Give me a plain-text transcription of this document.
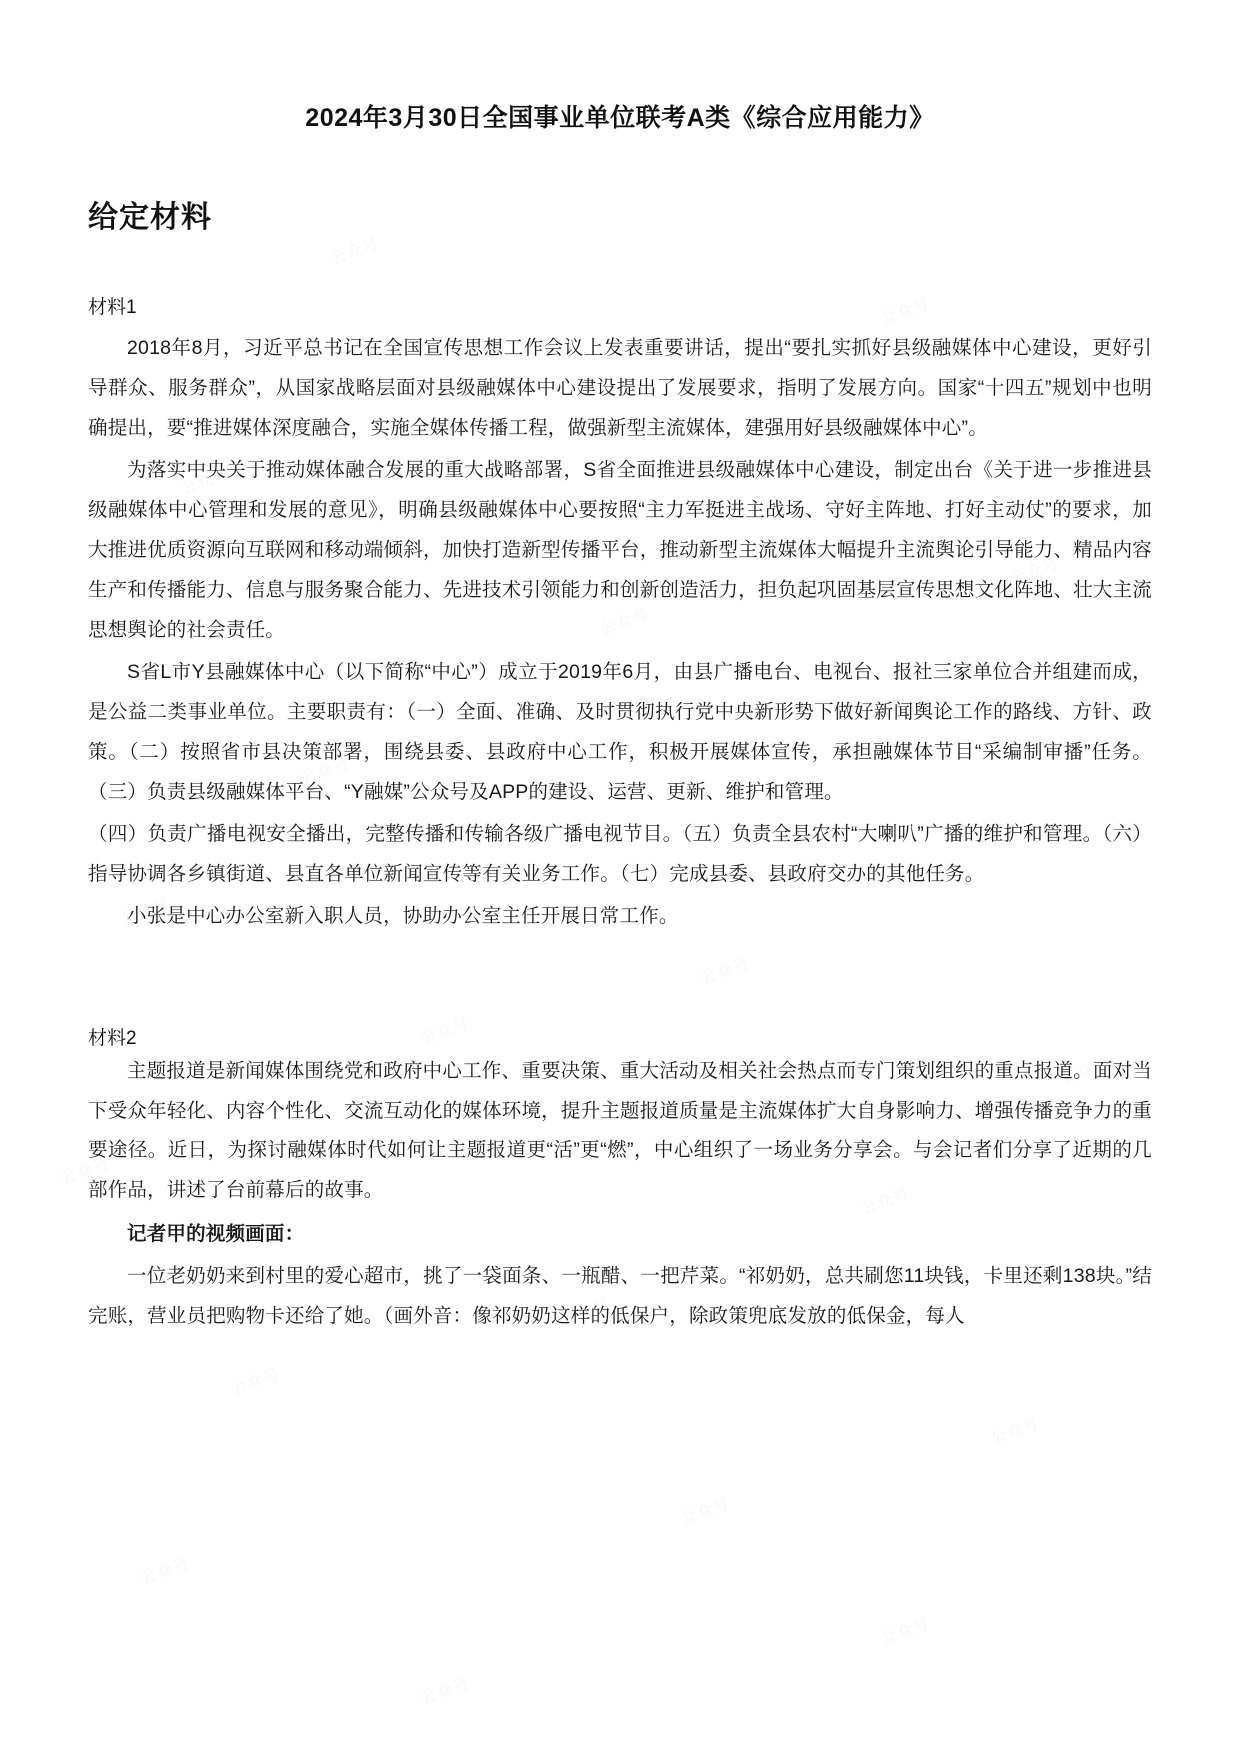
2024年3月30日全国事业单位联考A类《综合应用能力》
给定材料
材料1

2018年8月，习近平总书记在全国宣传思想工作会议上发表重要讲话，提出“要扎实抓好县级融媒体中心建设，更好引导群众、服务群众”，从国家战略层面对县级融媒体中心建设提出了发展要求，指明了发展方向。国家“十四五”规划中也明确提出，要“推进媒体深度融合，实施全媒体传播工程，做强新型主流媒体，建强用好县级融媒体中心”。

为落实中央关于推动媒体融合发展的重大战略部署，S省全面推进县级融媒体中心建设，制定出台《关于进一步推进县级融媒体中心管理和发展的意见》，明确县级融媒体中心要按照“主力军挺进主战场、守好主阵地、打好主动仗”的要求，加大推进优质资源向互联网和移动端倾斜，加快打造新型传播平台，推动新型主流媒体大幅提升主流舆论引导能力、精品内容生产和传播能力、信息与服务聚合能力、先进技术引领能力和创新创造活力，担负起巩固基层宣传思想文化阵地、壮大主流思想舆论的社会责任。

S省L市Y县融媒体中心（以下简称“中心”）成立于2019年6月，由县广播电台、电视台、报社三家单位合并组建而成，是公益二类事业单位。主要职责有：（一）全面、准确、及时贯彻执行党中央新形势下做好新闻舆论工作的路线、方针、政策。（二）按照省市县决策部署，围绕县委、县政府中心工作，积极开展媒体宣传，承担融媒体节目“采编制审播”任务。（三）负责县级融媒体平台、“Y融媒”公众号及APP的建设、运营、更新、维护和管理。

（四）负责广播电视安全播出，完整传播和传输各级广播电视节目。（五）负责全县农村“大喇叭”广播的维护和管理。（六）指导协调各乡镇街道、县直各单位新闻宣传等有关业务工作。（七）完成县委、县政府交办的其他任务。

小张是中心办公室新入职人员，协助办公室主任开展日常工作。

材料2

主题报道是新闻媒体围绕党和政府中心工作、重要决策、重大活动及相关社会热点而专门策划组织的重点报道。面对当下受众年轻化、内容个性化、交流互动化的媒体环境，提升主题报道质量是主流媒体扩大自身影响力、增强传播竞争力的重要途径。近日，为探讨融媒体时代如何让主题报道更“活”更“燃”，中心组织了一场业务分享会。与会记者们分享了近期的几部作品，讲述了台前幕后的故事。

记者甲的视频画面：

一位老奶奶来到村里的爱心超市，挑了一袋面条、一瓶醋、一把芹菜。“祁奶奶，总共刷您11块钱，卡里还剩138块。”结完账，营业员把购物卡还给了她。（画外音：像祁奶奶这样的低保户，除政策兜底发放的低保金，每人
